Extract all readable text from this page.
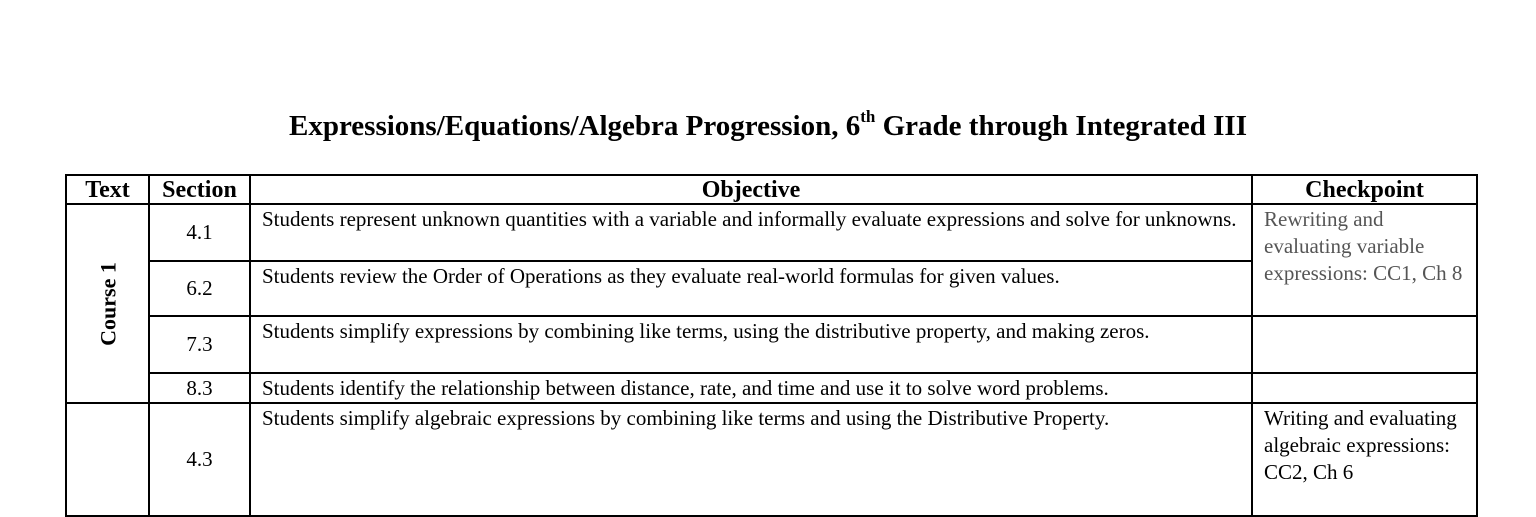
Expressions/Equations/Algebra Progression, 6th Grade through Integrated III
Text	Section	Objective	Checkpoint

Course 1	4.1	Students represent unknown quantities with a variable and informally evaluate expressions and solve for unknowns.	Rewriting and evaluating variable expressions: CC1, Ch 8
	6.2	Students review the Order of Operations as they evaluate real-world formulas for given values.	
	7.3	Students simplify expressions by combining like terms, using the distributive property, and making zeros.	
	8.3	Students identify the relationship between distance, rate, and time and use it to solve word problems.	
	4.3	Students simplify algebraic expressions by combining like terms and using the Distributive Property.	Writing and evaluating algebraic expressions: CC2, Ch 6
